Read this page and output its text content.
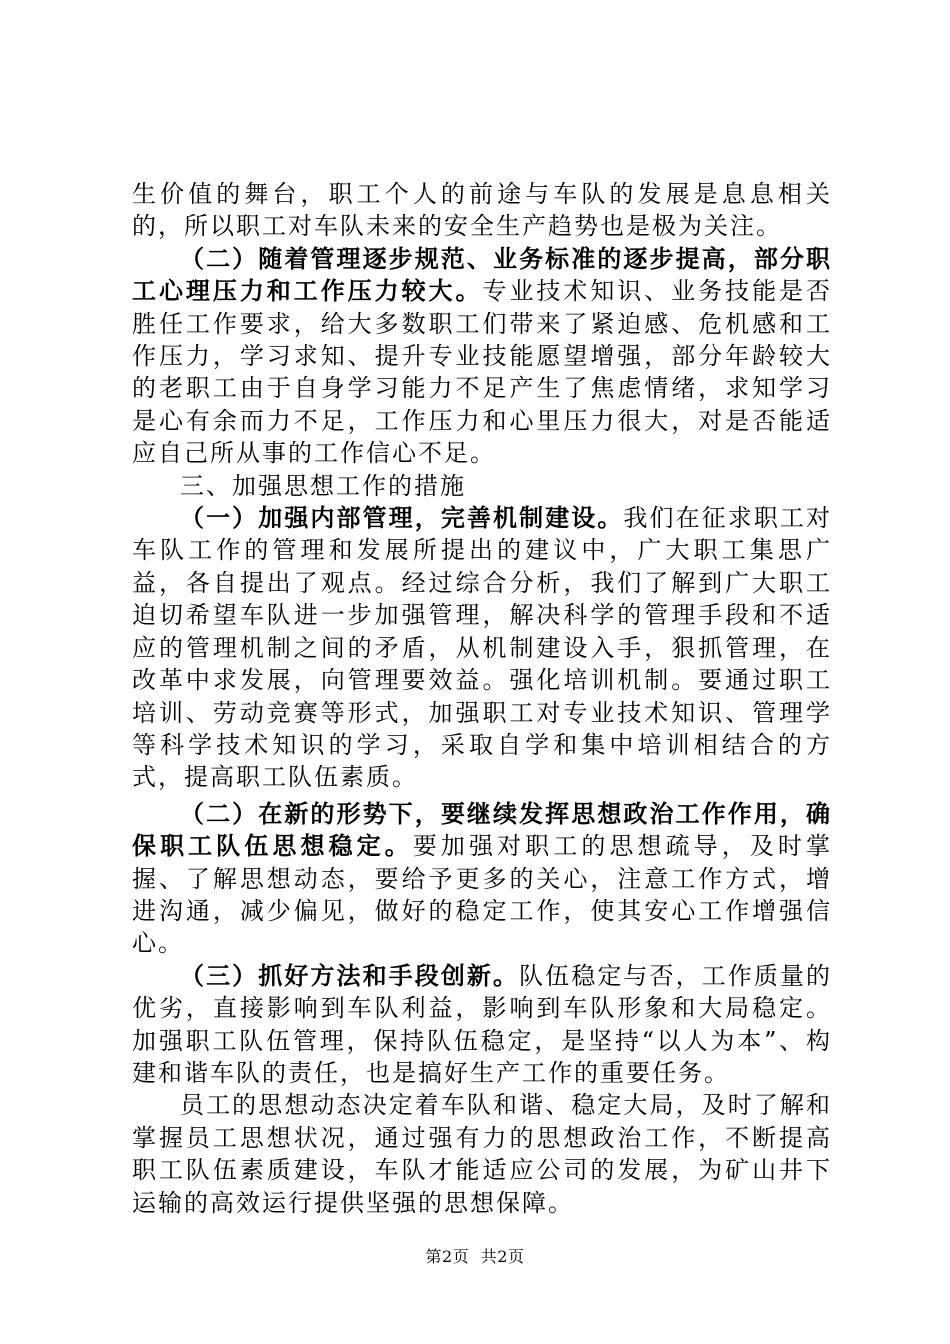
生价值的舞台，职工个人的前途与车队的发展是息息相关的，所以职工对车队未来的安全生产趋势也是极为关注。

（二）随着管理逐步规范、业务标准的逐步提高，部分职工心理压力和工作压力较大。专业技术知识、业务技能是否胜任工作要求，给大多数职工们带来了紧迫感、危机感和工作压力，学习求知、提升专业技能愿望增强，部分年龄较大的老职工由于自身学习能力不足产生了焦虑情绪，求知学习是心有余而力不足，工作压力和心里压力很大，对是否能适应自己所从事的工作信心不足。

三、加强思想工作的措施

（一）加强内部管理，完善机制建设。我们在征求职工对车队工作的管理和发展所提出的建议中，广大职工集思广益，各自提出了观点。经过综合分析，我们了解到广大职工迫切希望车队进一步加强管理，解决科学的管理手段和不适应的管理机制之间的矛盾，从机制建设入手，狠抓管理，在改革中求发展，向管理要效益。强化培训机制。要通过职工培训、劳动竞赛等形式，加强职工对专业技术知识、管理学等科学技术知识的学习，采取自学和集中培训相结合的方式，提高职工队伍素质。

（二）在新的形势下，要继续发挥思想政治工作作用，确保职工队伍思想稳定。要加强对职工的思想疏导，及时掌握、了解思想动态，要给予更多的关心，注意工作方式，增进沟通，减少偏见，做好的稳定工作，使其安心工作增强信心。

（三）抓好方法和手段创新。队伍稳定与否，工作质量的优劣，直接影响到车队利益，影响到车队形象和大局稳定。加强职工队伍管理，保持队伍稳定，是坚持“以人为本”、构建和谐车队的责任，也是搞好生产工作的重要任务。

员工的思想动态决定着车队和谐、稳定大局，及时了解和掌握员工思想状况，通过强有力的思想政治工作，不断提高职工队伍素质建设，车队才能适应公司的发展，为矿山井下运输的高效运行提供坚强的思想保障。

第2页 共2页
